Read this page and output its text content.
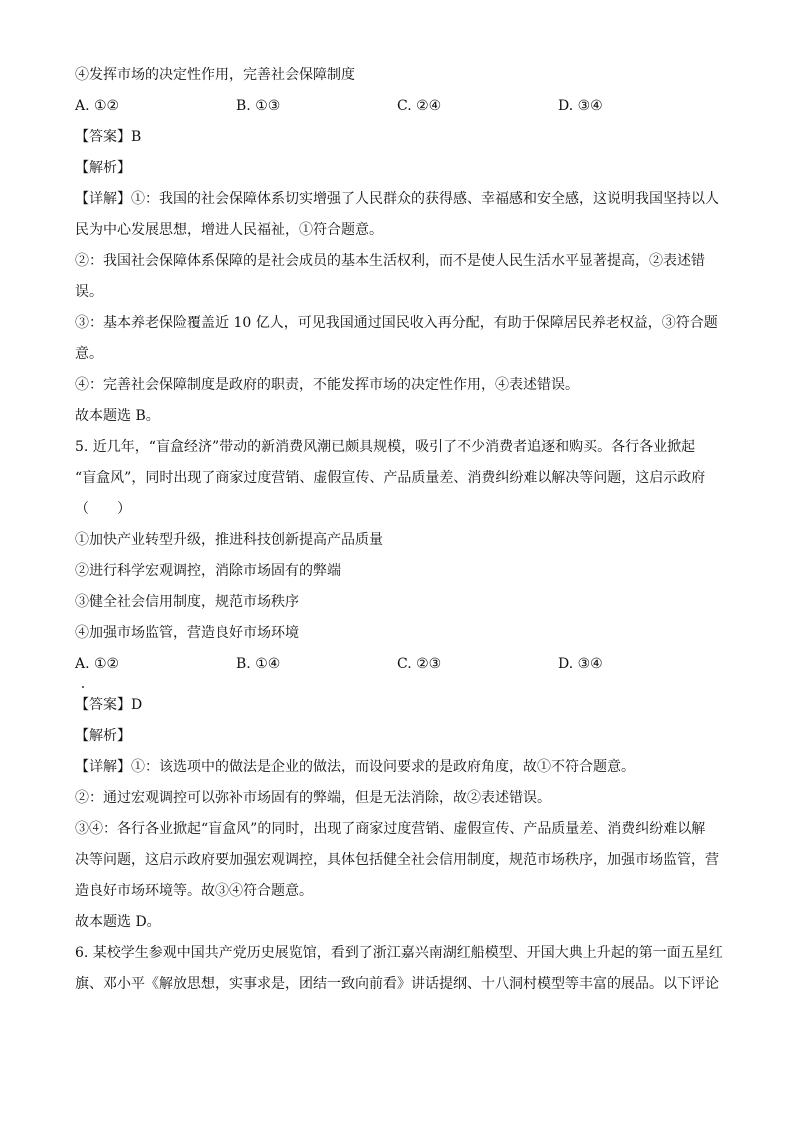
④发挥市场的决定性作用，完善社会保障制度
A. ①②	B. ①③	C. ②④	D. ③④
【答案】B
【解析】
【详解】①：我国的社会保障体系切实增强了人民群众的获得感、幸福感和安全感，这说明我国坚持以人
民为中心发展思想，增进人民福祉，①符合题意。
②：我国社会保障体系保障的是社会成员的基本生活权利，而不是使人民生活水平显著提高，②表述错
误。
③：基本养老保险覆盖近 10 亿人，可见我国通过国民收入再分配，有助于保障居民养老权益，③符合题
意。
④：完善社会保障制度是政府的职责，不能发挥市场的决定性作用，④表述错误。
故本题选 B。
5. 近几年，“盲盒经济”带动的新消费风潮已颇具规模，吸引了不少消费者追逐和购买。各行各业掀起
“盲盒风”，同时出现了商家过度营销、虚假宣传、产品质量差、消费纠纷难以解决等问题，这启示政府
（　　）
①加快产业转型升级，推进科技创新提高产品质量
②进行科学宏观调控，消除市场固有的弊端
③健全社会信用制度，规范市场秩序
④加强市场监管，营造良好市场环境
A. ①②	B. ①④	C. ②③	D. ③④
【答案】D
【解析】
【详解】①：该选项中的做法是企业的做法，而设问要求的是政府角度，故①不符合题意。
②：通过宏观调控可以弥补市场固有的弊端，但是无法消除，故②表述错误。
③④：各行各业掀起“盲盒风”的同时，出现了商家过度营销、虚假宣传、产品质量差、消费纠纷难以解
决等问题，这启示政府要加强宏观调控，具体包括健全社会信用制度，规范市场秩序，加强市场监管，营
造良好市场环境等。故③④符合题意。
故本题选 D。
6. 某校学生参观中国共产党历史展览馆，看到了浙江嘉兴南湖红船模型、开国大典上升起的第一面五星红
旗、邓小平《解放思想，实事求是，团结一致向前看》讲话提纲、十八洞村模型等丰富的展品。以下评论
